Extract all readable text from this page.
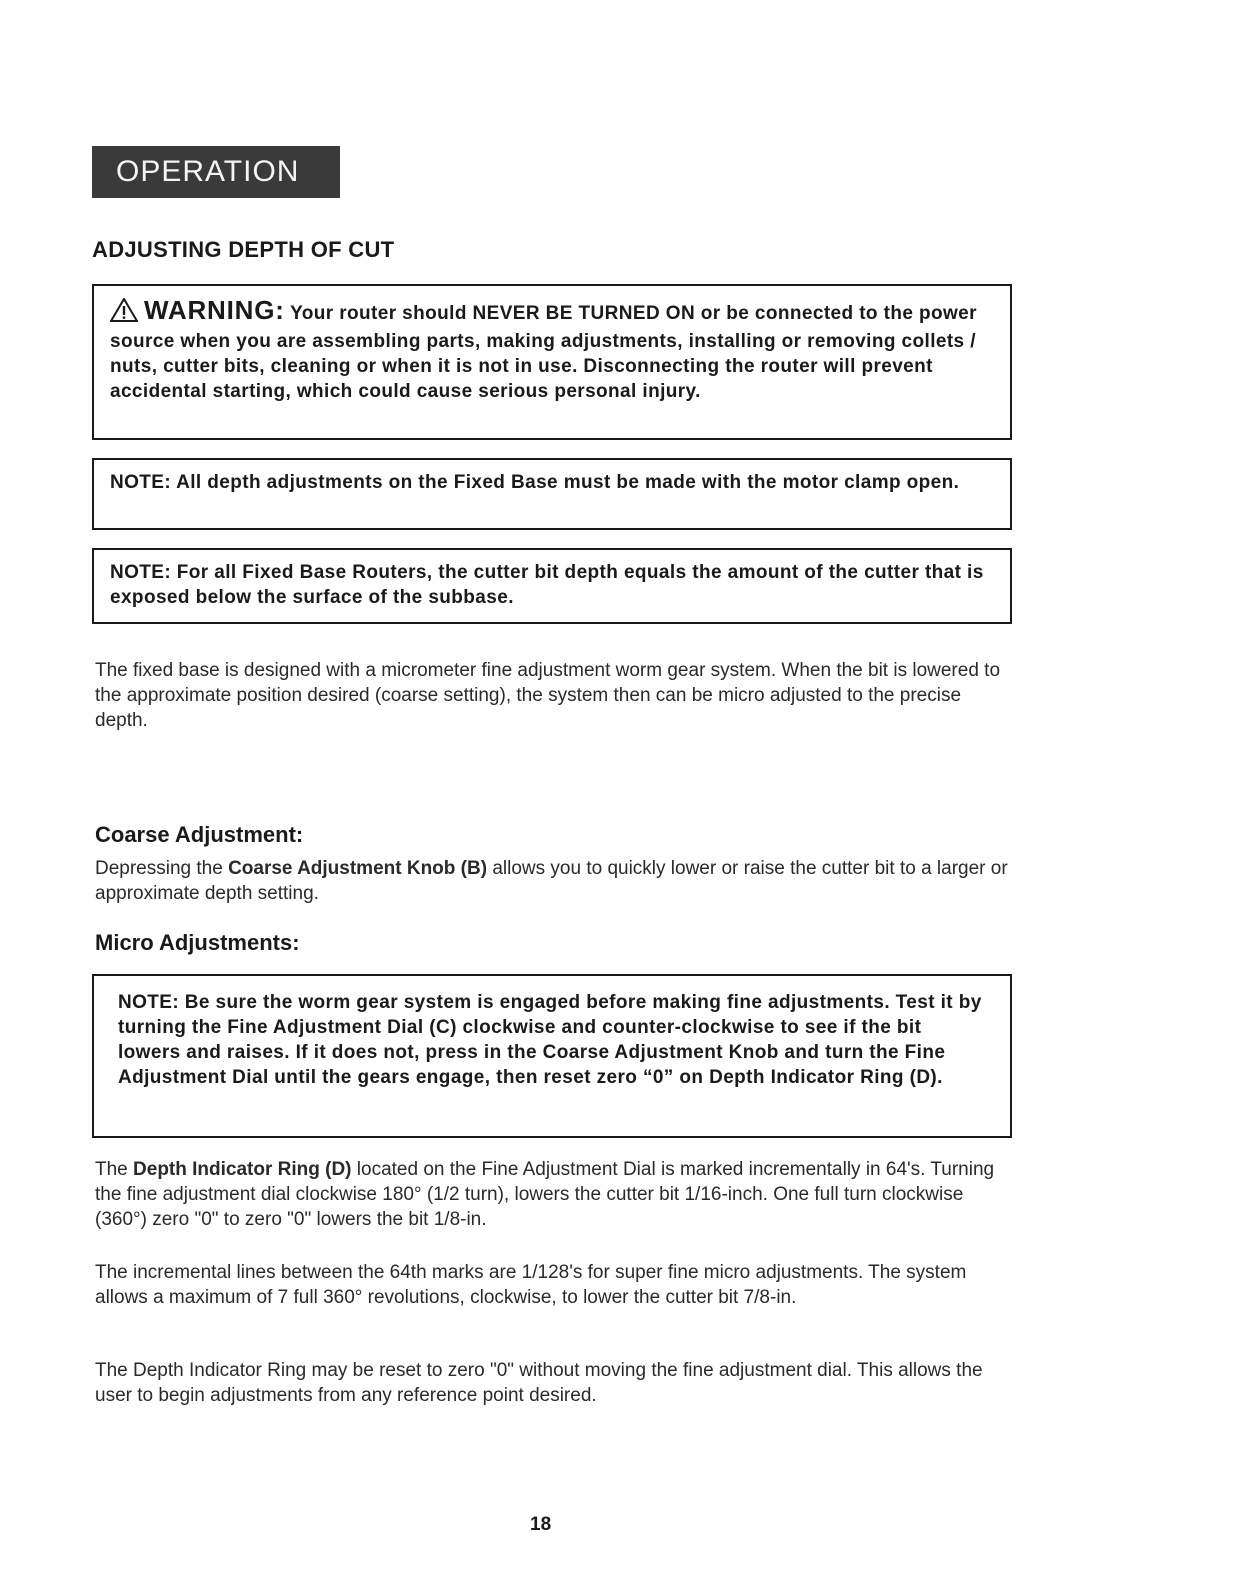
OPERATION
ADJUSTING DEPTH OF CUT
WARNING: Your router should NEVER BE TURNED ON or be connected to the power source when you are assembling parts, making adjustments, installing or removing collets / nuts, cutter bits, cleaning or when it is not in use. Disconnecting the router will prevent accidental starting, which could cause serious personal injury.
NOTE: All depth adjustments on the Fixed Base must be made with the motor clamp open.
NOTE: For all Fixed Base Routers, the cutter bit depth equals the amount of the cutter that is exposed below the surface of the subbase.
The fixed base is designed with a micrometer fine adjustment worm gear system. When the bit is lowered to the approximate position desired (coarse setting), the system then can be micro adjusted to the precise depth.
Coarse Adjustment:
Depressing the Coarse Adjustment Knob (B) allows you to quickly lower or raise the cutter bit to a larger or approximate depth setting.
Micro Adjustments:
NOTE: Be sure the worm gear system is engaged before making fine adjustments. Test it by turning the Fine Adjustment Dial (C) clockwise and counter-clockwise to see if the bit lowers and raises. If it does not, press in the Coarse Adjustment Knob and turn the Fine Adjustment Dial until the gears engage, then reset zero “0” on Depth Indicator Ring (D).
The Depth Indicator Ring (D) located on the Fine Adjustment Dial is marked incrementally in 64's. Turning the fine adjustment dial clockwise 180° (1/2 turn), lowers the cutter bit 1/16-inch. One full turn clockwise (360°) zero "0" to zero "0" lowers the bit 1/8-in.
The incremental lines between the 64th marks are 1/128's for super fine micro adjustments. The system allows a maximum of 7 full 360° revolutions, clockwise, to lower the cutter bit 7/8-in.
The Depth Indicator Ring may be reset to zero "0" without moving the fine adjustment dial. This allows the user to begin adjustments from any reference point desired.
18
